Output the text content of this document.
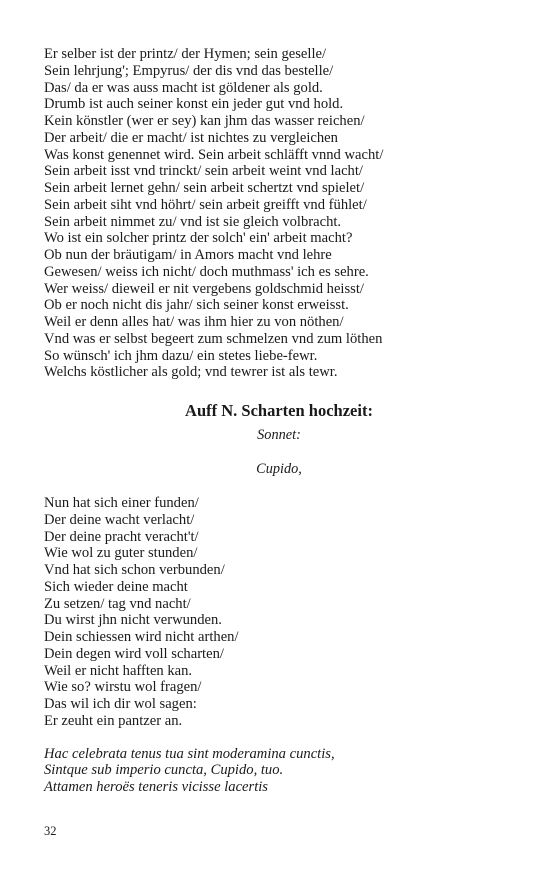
Er selber ist der printz/ der Hymen; sein geselle/
Sein lehrjung'; Empyrus/ der dis vnd das bestelle/
Das/ da er was auss macht ist göldener als gold.
Drumb ist auch seiner konst ein jeder gut vnd hold.
Kein könstler (wer er sey) kan jhm das wasser reichen/
Der arbeit/ die er macht/ ist nichtes zu vergleichen
Was konst genennet wird. Sein arbeit schläfft vnnd wacht/
Sein arbeit isst vnd trinckt/ sein arbeit weint vnd lacht/
Sein arbeit lernet gehn/ sein arbeit schertzt vnd spielet/
Sein arbeit siht vnd höhrt/ sein arbeit greifft vnd fühlet/
Sein arbeit nimmet zu/ vnd ist sie gleich volbracht.
Wo ist ein solcher printz der solch' ein' arbeit macht?
Ob nun der bräutigam/ in Amors macht vnd lehre
Gewesen/ weiss ich nicht/ doch muthmass' ich es sehre.
Wer weiss/ dieweil er nit vergebens goldschmid heisst/
Ob er noch nicht dis jahr/ sich seiner konst erweisst.
Weil er denn alles hat/ was ihm hier zu von nöthen/
Vnd was er selbst begeert zum schmelzen vnd zum löthen
So wünsch' ich jhm dazu/ ein stetes liebe-fewr.
Welchs köstlicher als gold; vnd tewrer ist als tewr.
Auff N. Scharten hochzeit:
Sonnet:
Cupido,
Nun hat sich einer funden/
Der deine wacht verlacht/
Der deine pracht veracht't/
Wie wol zu guter stunden/
Vnd hat sich schon verbunden/
Sich wieder deine macht
Zu setzen/ tag vnd nacht/
Du wirst jhn nicht verwunden.
Dein schiessen wird nicht arthen/
Dein degen wird voll scharten/
Weil er nicht hafften kan.
Wie so? wirstu wol fragen/
Das wil ich dir wol sagen:
Er zeuht ein pantzer an.
Hac celebrata tenus tua sint moderamina cunctis,
Sintque sub imperio cuncta, Cupido, tuo.
Attamen heroës teneris vicisse lacertis
32
